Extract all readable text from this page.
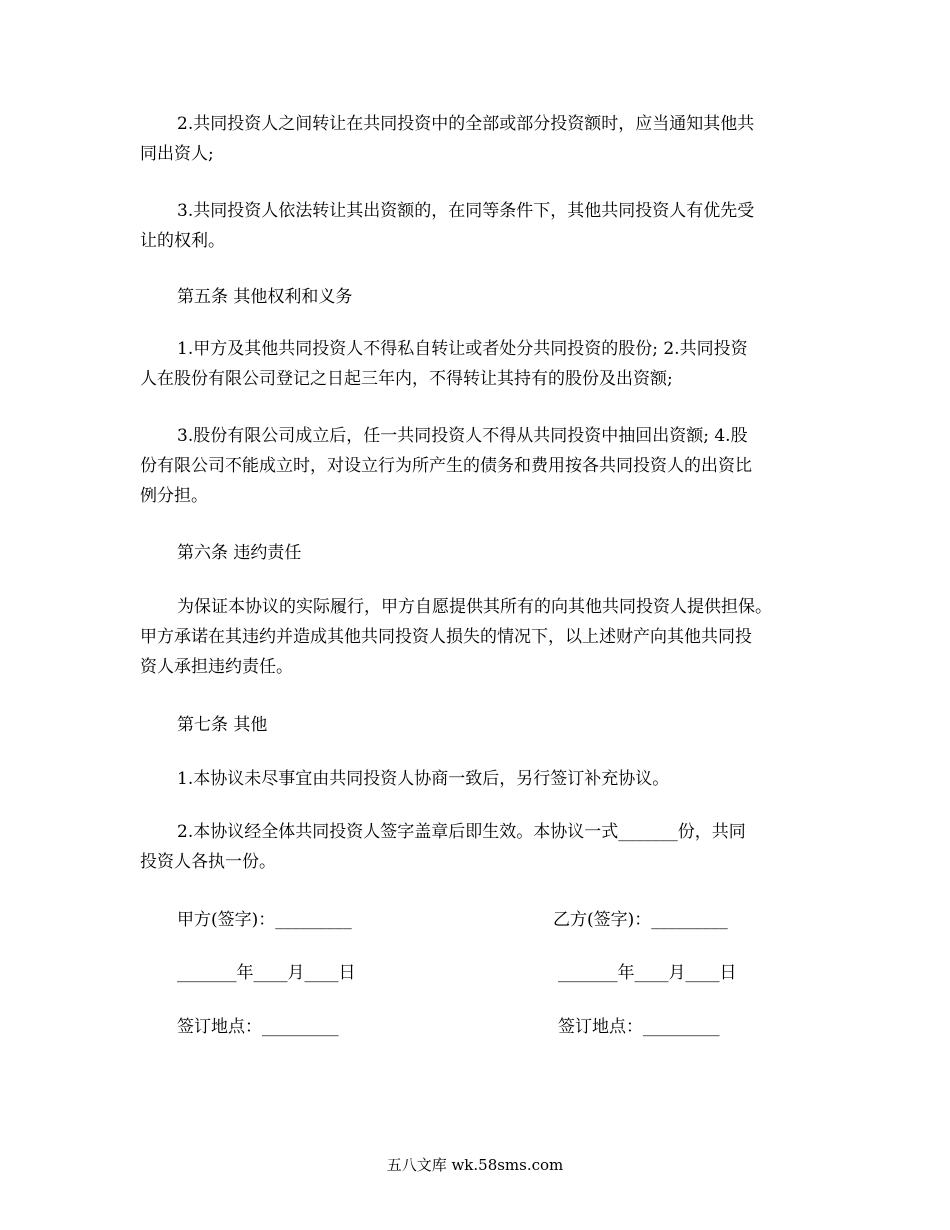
2.共同投资人之间转让在共同投资中的全部或部分投资额时，应当通知其他共
同出资人;

3.共同投资人依法转让其出资额的，在同等条件下，其他共同投资人有优先受
让的权利。

第五条 其他权利和义务

1.甲方及其他共同投资人不得私自转让或者处分共同投资的股份; 2.共同投资
人在股份有限公司登记之日起三年内，不得转让其持有的股份及出资额;

3.股份有限公司成立后，任一共同投资人不得从共同投资中抽回出资额; 4.股
份有限公司不能成立时，对设立行为所产生的债务和费用按各共同投资人的出资比
例分担。

第六条 违约责任

为保证本协议的实际履行，甲方自愿提供其所有的向其他共同投资人提供担保。
甲方承诺在其违约并造成其他共同投资人损失的情况下，以上述财产向其他共同投
资人承担违约责任。

第七条 其他

1.本协议未尽事宜由共同投资人协商一致后，另行签订补充协议。

2.本协议经全体共同投资人签字盖章后即生效。本协议一式_______份，共同
投资人各执一份。

甲方(签字)：_________	乙方(签字)：_________
_______年____月____日	_______年____月____日
签订地点：_________	签订地点：_________
五八文库 wk.58sms.com
